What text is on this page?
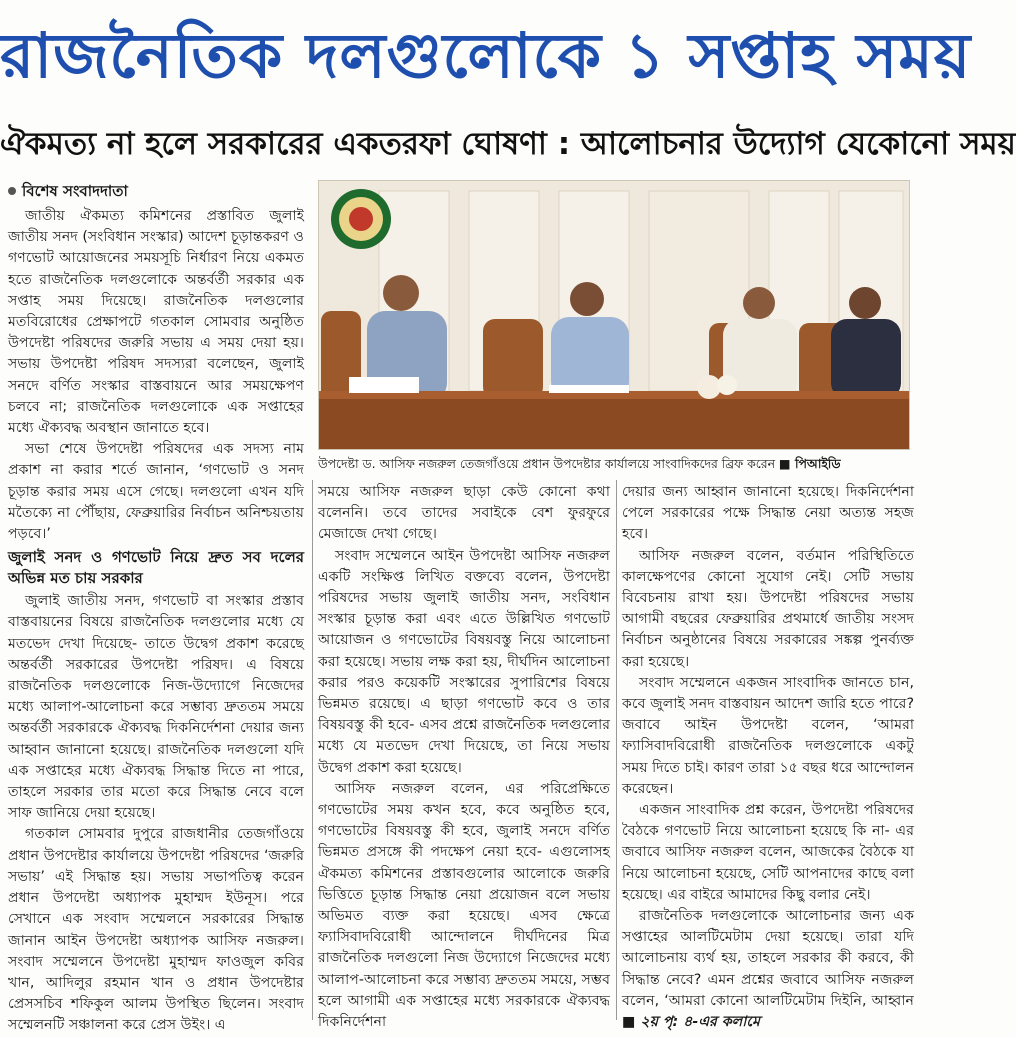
রাজনৈতিক দলগুলোকে ১ সপ্তাহ সময়
ঐকমত্য না হলে সরকারের একতরফা ঘোষণা : আলোচনার উদ্যোগ যেকোনো সময়
বিশেষ সংবাদদাতা

জাতীয় ঐকমত্য কমিশনের প্রস্তাবিত জুলাই জাতীয় সনদ (সংবিধান সংস্কার) আদেশ চূড়ান্তকরণ ও গণভোট আয়োজনের সময়সূচি নির্ধারণ নিয়ে একমত হতে রাজনৈতিক দলগুলোকে অন্তর্বর্তী সরকার এক সপ্তাহ সময় দিয়েছে। রাজনৈতিক দলগুলোর মতবিরোধের প্রেক্ষাপটে গতকাল সোমবার অনুষ্ঠিত উপদেষ্টা পরিষদের জরুরি সভায় এ সময় দেয়া হয়। সভায় উপদেষ্টা পরিষদ সদস্যরা বলেছেন, জুলাই সনদে বর্ণিত সংস্কার বাস্তবায়নে আর সময়ক্ষেপণ চলবে না; রাজনৈতিক দলগুলোকে এক সপ্তাহের মধ্যে ঐক্যবদ্ধ অবস্থান জানাতে হবে।

সভা শেষে উপদেষ্টা পরিষদের এক সদস্য নাম প্রকাশ না করার শর্তে জানান, ‘গণভোট ও সনদ চূড়ান্ত করার সময় এসে গেছে। দলগুলো এখন যদি মতৈক্যে না পৌঁছায়, ফেব্রুয়ারির নির্বাচন অনিশ্চয়তায় পড়বে।’

জুলাই সনদ ও গণভোট নিয়ে দ্রুত সব দলের অভিন্ন মত চায় সরকার

জুলাই জাতীয় সনদ, গণভোট বা সংস্কার প্রস্তাব বাস্তবায়নের বিষয়ে রাজনৈতিক দলগুলোর মধ্যে যে মতভেদ দেখা দিয়েছে- তাতে উদ্বেগ প্রকাশ করেছে অন্তর্বর্তী সরকারের উপদেষ্টা পরিষদ। এ বিষয়ে রাজনৈতিক দলগুলোকে নিজ-উদ্যোগে নিজেদের মধ্যে আলাপ-আলোচনা করে সম্ভাব্য দ্রুততম সময়ে অন্তর্বর্তী সরকারকে ঐক্যবদ্ধ দিকনির্দেশনা দেয়ার জন্য আহ্বান জানানো হয়েছে। রাজনৈতিক দলগুলো যদি এক সপ্তাহের মধ্যে ঐক্যবদ্ধ সিদ্ধান্ত দিতে না পারে, তাহলে সরকার তার মতো করে সিদ্ধান্ত নেবে বলে সাফ জানিয়ে দেয়া হয়েছে।

গতকাল সোমবার দুপুরে রাজধানীর তেজগাঁওয়ে প্রধান উপদেষ্টার কার্যালয়ে উপদেষ্টা পরিষদের ‘জরুরি সভায়’ এই সিদ্ধান্ত হয়। সভায় সভাপতিত্ব করেন প্রধান উপদেষ্টা অধ্যাপক মুহাম্মদ ইউনূস। পরে সেখানে এক সংবাদ সম্মেলনে সরকারের সিদ্ধান্ত জানান আইন উপদেষ্টা অধ্যাপক আসিফ নজরুল। সংবাদ সম্মেলনে উপদেষ্টা মুহাম্মদ ফাওজুল কবির খান, আদিলুর রহমান খান ও প্রধান উপদেষ্টার প্রেসসচিব শফিকুল আলম উপস্থিত ছিলেন। সংবাদ সম্মেলনটি সঞ্চালনা করে প্রেস উইং। এ

উপদেষ্টা ড. আসিফ নজরুল তেজগাঁওয়ে প্রধান উপদেষ্টার কার্যালয়ে সাংবাদিকদের ব্রিফ করেন ■ পিআইডি

সময়ে আসিফ নজরুল ছাড়া কেউ কোনো কথা বলেননি। তবে তাদের সবাইকে বেশ ফুরফুরে মেজাজে দেখা গেছে।

সংবাদ সম্মেলনে আইন উপদেষ্টা আসিফ নজরুল একটি সংক্ষিপ্ত লিখিত বক্তব্যে বলেন, উপদেষ্টা পরিষদের সভায় জুলাই জাতীয় সনদ, সংবিধান সংস্কার চূড়ান্ত করা এবং এতে উল্লিখিত গণভোট আয়োজন ও গণভোটের বিষয়বস্তু নিয়ে আলোচনা করা হয়েছে। সভায় লক্ষ করা হয়, দীর্ঘদিন আলোচনা করার পরও কয়েকটি সংস্কারের সুপারিশের বিষয়ে ভিন্নমত রয়েছে। এ ছাড়া গণভোট কবে ও তার বিষয়বস্তু কী হবে- এসব প্রশ্নে রাজনৈতিক দলগুলোর মধ্যে যে মতভেদ দেখা দিয়েছে, তা নিয়ে সভায় উদ্বেগ প্রকাশ করা হয়েছে।

আসিফ নজরুল বলেন, এর পরিপ্রেক্ষিতে গণভোটের সময় কখন হবে, কবে অনুষ্ঠিত হবে, গণভোটের বিষয়বস্তু কী হবে, জুলাই সনদে বর্ণিত ভিন্নমত প্রসঙ্গে কী পদক্ষেপ নেয়া হবে- এগুলোসহ ঐকমত্য কমিশনের প্রস্তাবগুলোর আলোকে জরুরি ভিত্তিতে চূড়ান্ত সিদ্ধান্ত নেয়া প্রয়োজন বলে সভায় অভিমত ব্যক্ত করা হয়েছে। এসব ক্ষেত্রে ফ্যাসিবাদবিরোধী আন্দোলনে দীর্ঘদিনের মিত্র রাজনৈতিক দলগুলো নিজ উদ্যোগে নিজেদের মধ্যে আলাপ-আলোচনা করে সম্ভাব্য দ্রুততম সময়ে, সম্ভব হলে আগামী এক সপ্তাহের মধ্যে সরকারকে ঐক্যবদ্ধ দিকনির্দেশনা

দেয়ার জন্য আহ্বান জানানো হয়েছে। দিকনির্দেশনা পেলে সরকারের পক্ষে সিদ্ধান্ত নেয়া অত্যন্ত সহজ হবে।

আসিফ নজরুল বলেন, বর্তমান পরিস্থিতিতে কালক্ষেপণের কোনো সুযোগ নেই। সেটি সভায় বিবেচনায় রাখা হয়। উপদেষ্টা পরিষদের সভায় আগামী বছরের ফেব্রুয়ারির প্রথমার্ধে জাতীয় সংসদ নির্বাচন অনুষ্ঠানের বিষয়ে সরকারের সঙ্কল্প পুনর্ব্যক্ত করা হয়েছে।

সংবাদ সম্মেলনে একজন সাংবাদিক জানতে চান, কবে জুলাই সনদ বাস্তবায়ন আদেশ জারি হতে পারে? জবাবে আইন উপদেষ্টা বলেন, ‘আমরা ফ্যাসিবাদবিরোধী রাজনৈতিক দলগুলোকে একটু সময় দিতে চাই। কারণ তারা ১৫ বছর ধরে আন্দোলন করেছেন।

একজন সাংবাদিক প্রশ্ন করেন, উপদেষ্টা পরিষদের বৈঠকে গণভোট নিয়ে আলোচনা হয়েছে কি না- এর জবাবে আসিফ নজরুল বলেন, আজকের বৈঠকে যা নিয়ে আলোচনা হয়েছে, সেটি আপনাদের কাছে বলা হয়েছে। এর বাইরে আমাদের কিছু বলার নেই।

রাজনৈতিক দলগুলোকে আলোচনার জন্য এক সপ্তাহের আলটিমেটাম দেয়া হয়েছে। তারা যদি আলোচনায় ব্যর্থ হয়, তাহলে সরকার কী করবে, কী সিদ্ধান্ত নেবে? এমন প্রশ্নের জবাবে আসিফ নজরুল বলেন, ‘আমরা কোনো আলটিমেটাম দিইনি, আহ্বান ■ ২য় পৃ: ৪-এর কলামে
